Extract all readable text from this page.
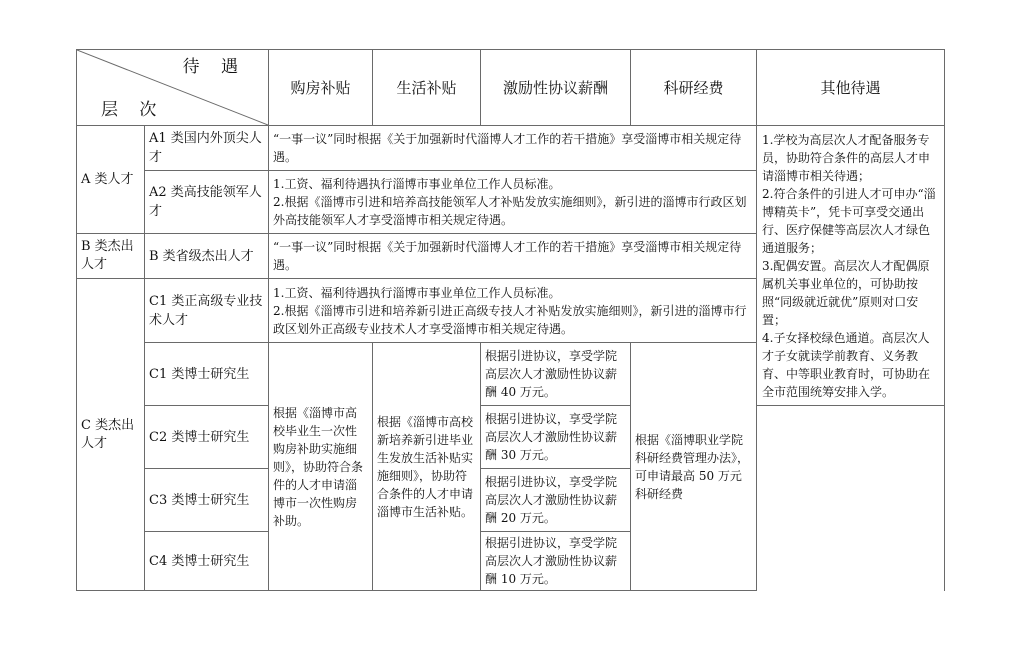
待 遇
层 次		购房补贴	生活补贴	激励性协议薪酬	科研经费	其他待遇	
A 类人才	A1 类国内外顶尖人才	“一事一议”同时根据《关于加强新时代淄博人才工作的若干措施》享受淄博市相关规定待遇。				1.学校为高层次人才配备服务专员，协助符合条件的高层人才申请淄博市相关待遇；
2.符合条件的引进人才可申办“淄博精英卡”，凭卡可享受交通出行、医疗保健等高层次人才绿色通道服务；
3.配偶安置。高层次人才配偶原属机关事业单位的，可协助按照“同级就近就优”原则对口安置；
4.子女择校绿色通道。高层次人才子女就读学前教育、义务教育、中等职业教育时，可协助在全市范围统筹安排入学。	

	A2 类高技能领军人才	1.工资、福利待遇执行淄博市事业单位工作人员标准。
2.根据《淄博市引进和培养高技能领军人才补贴发放实施细则》，新引进的淄博市行政区划外高技能领军人才享受淄博市相关规定待遇。					

B 类杰出人才	B 类省级杰出人才	“一事一议”同时根据《关于加强新时代淄博人才工作的若干措施》享受淄博市相关规定待遇。					
C 类杰出人才	C1 类正高级专业技术人才	1.工资、福利待遇执行淄博市事业单位工作人员标准。
2.根据《淄博市引进和培养新引进正高级专技人才补贴发放实施细则》，新引进的淄博市行政区划外正高级专业技术人才享受淄博市相关规定待遇。					

	C1 类博士研究生	根据《淄博市高校毕业生一次性购房补助实施细则》，协助符合条件的人才申请淄博市一次性购房补助。	根据《淄博市高校新培养新引进毕业生发放生活补贴实施细则》，协助符合条件的人才申请淄博市生活补贴。	根据引进协议，享受学院高层次人才激励性协议薪酬 40 万元。	根据《淄博职业学院科研经费管理办法》，可申请最高 50 万元科研经费		
	C2 类博士研究生			根据引进协议，享受学院高层次人才激励性协议薪酬 30 万元。			
	C3 类博士研究生			根据引进协议，享受学院高层次人才激励性协议薪酬 20 万元。			
	C4 类博士研究生			根据引进协议，享受学院高层次人才激励性协议薪酬 10 万元。			
